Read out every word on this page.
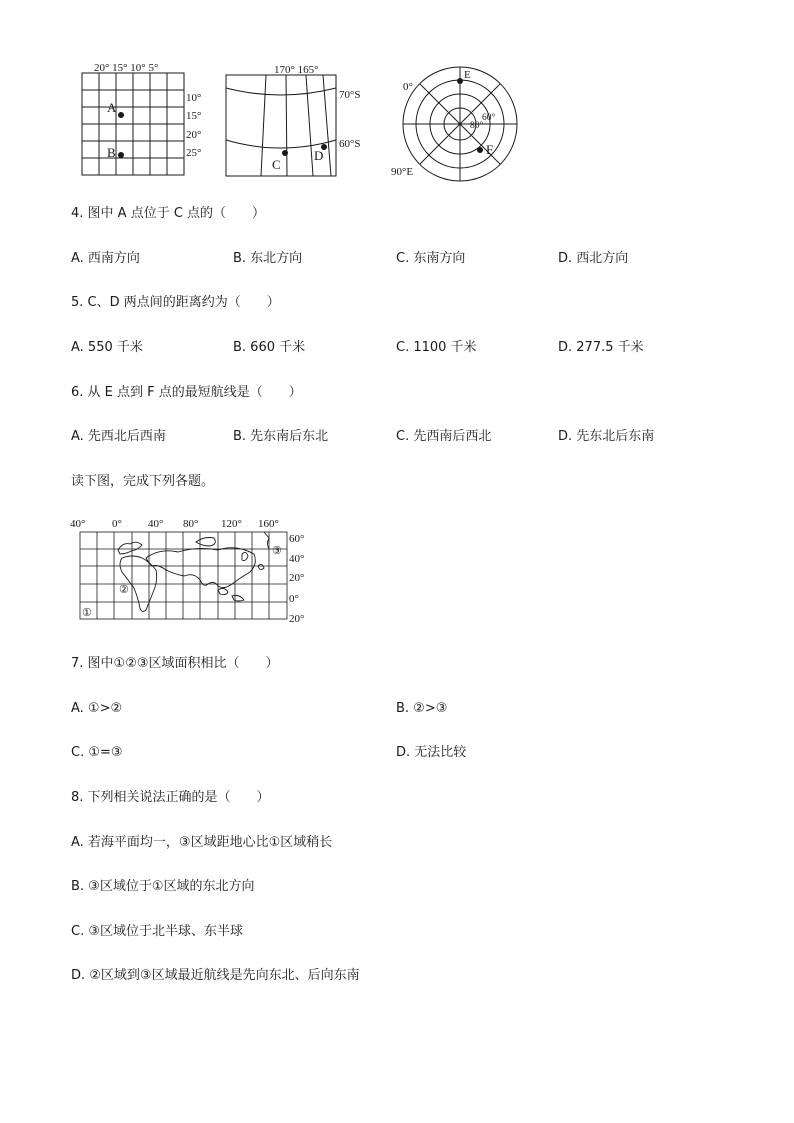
20° 15° 10° 5°
10°
15°
20°
25°
A
B
170° 165°
70°S
60°S
C
D
0°
E
60°
80°
F
90°E
4. 图中 A 点位于 C 点的（　　）
A. 西南方向	B. 东北方向	C. 东南方向	D. 西北方向
5. C、D 两点间的距离约为（　　）
A. 550 千米	B. 660 千米	C. 1100 千米	D. 277.5 千米
6. 从 E 点到 F 点的最短航线是（　　）
A. 先西北后西南	B. 先东南后东北	C. 先西南后西北	D. 先东北后东南
读下图，完成下列各题。
40° 0° 40° 80° 120° 160°
60°
40°
20°
0°
20°
①
②
③
7. 图中①②③区域面积相比（　　）
A. ①>②	B. ②>③
C. ①=③	D. 无法比较
8. 下列相关说法正确的是（　　）
A. 若海平面均一，③区域距地心比①区域稍长
B. ③区域位于①区域的东北方向
C. ③区域位于北半球、东半球
D. ②区域到③区域最近航线是先向东北、后向东南
